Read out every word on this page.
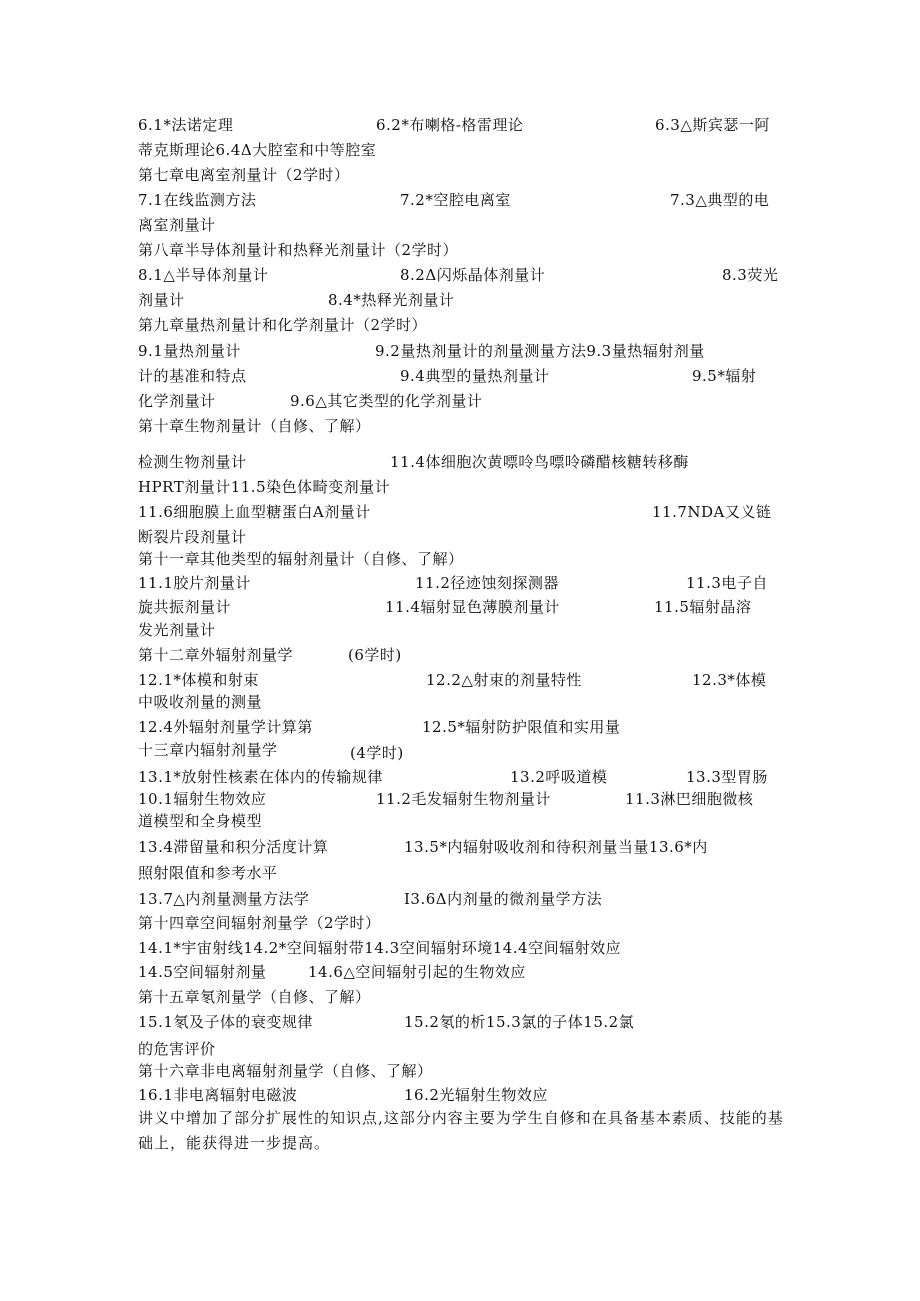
6.1*法诺定理	6.2*布喇格-格雷理论	6.3△斯宾瑟一阿
蒂克斯理论6.4Δ大腔室和中等腔室
第七章电离室剂量计（2学时）
7.1在线监测方法	7.2*空腔电离室	7.3△典型的电
离室剂量计
第八章半导体剂量计和热释光剂量计（2学时）
8.1△半导体剂量计	8.2Δ闪烁晶体剂量计	8.3荧光
剂量计	8.4*热释光剂量计
第九章量热剂量计和化学剂量计（2学时）
9.1量热剂量计	9.2量热剂量计的剂量测量方法9.3量热辐射剂量
计的基准和特点	9.4典型的量热剂量计	9.5*辐射
化学剂量计	9.6△其它类型的化学剂量计
第十章生物剂量计（自修、了解）
检测生物剂量计	11.4体细胞次黄嘌呤鸟嘌呤磷醋核糖转移酶
HPRT剂量计11.5染色体畸变剂量计
11.6细胞膜上血型糖蛋白A剂量计	11.7NDA又义链
断裂片段剂量计
第十一章其他类型的辐射剂量计（自修、了解）
11.1胶片剂量计	11.2径迹蚀刻探测器	11.3电子自
旋共振剂量计	11.4辐射显色薄膜剂量计	11.5辐射晶溶
发光剂量计
第十二章外辐射剂量学	(6学时)
12.1*体模和射束	12.2△射束的剂量特性	12.3*体模
中吸收剂量的测量
12.4外辐射剂量学计算第	12.5*辐射防护限值和实用量
十三章内辐射剂量学	(4学时)
13.1*放射性核素在体内的传输规律	13.2呼吸道模	13.3型胃肠
10.1辐射生物效应	11.2毛发辐射生物剂量计	11.3淋巴细胞微核
道模型和全身模型
13.4滞留量和积分活度计算	13.5*内辐射吸收剂和待积剂量当量13.6*内
照射限值和参考水平
13.7△内剂量测量方法学	I3.6Δ内剂量的微剂量学方法
第十四章空间辐射剂量学（2学时）
14.1*宇宙射线14.2*空间辐射带14.3空间辐射环境14.4空间辐射效应
14.5空间辐射剂量	14.6△空间辐射引起的生物效应
第十五章氡剂量学（自修、了解）
15.1氡及子体的衰变规律	15.2氡的析15.3氯的子体15.2氯
的危害评价
第十六章非电离辐射剂量学（自修、了解）
16.1非电离辐射电磁波	16.2光辐射生物效应

讲义中增加了部分扩展性的知识点,这部分内容主要为学生自修和在具备基本素质、技能的基础上，能获得进一步提高。
